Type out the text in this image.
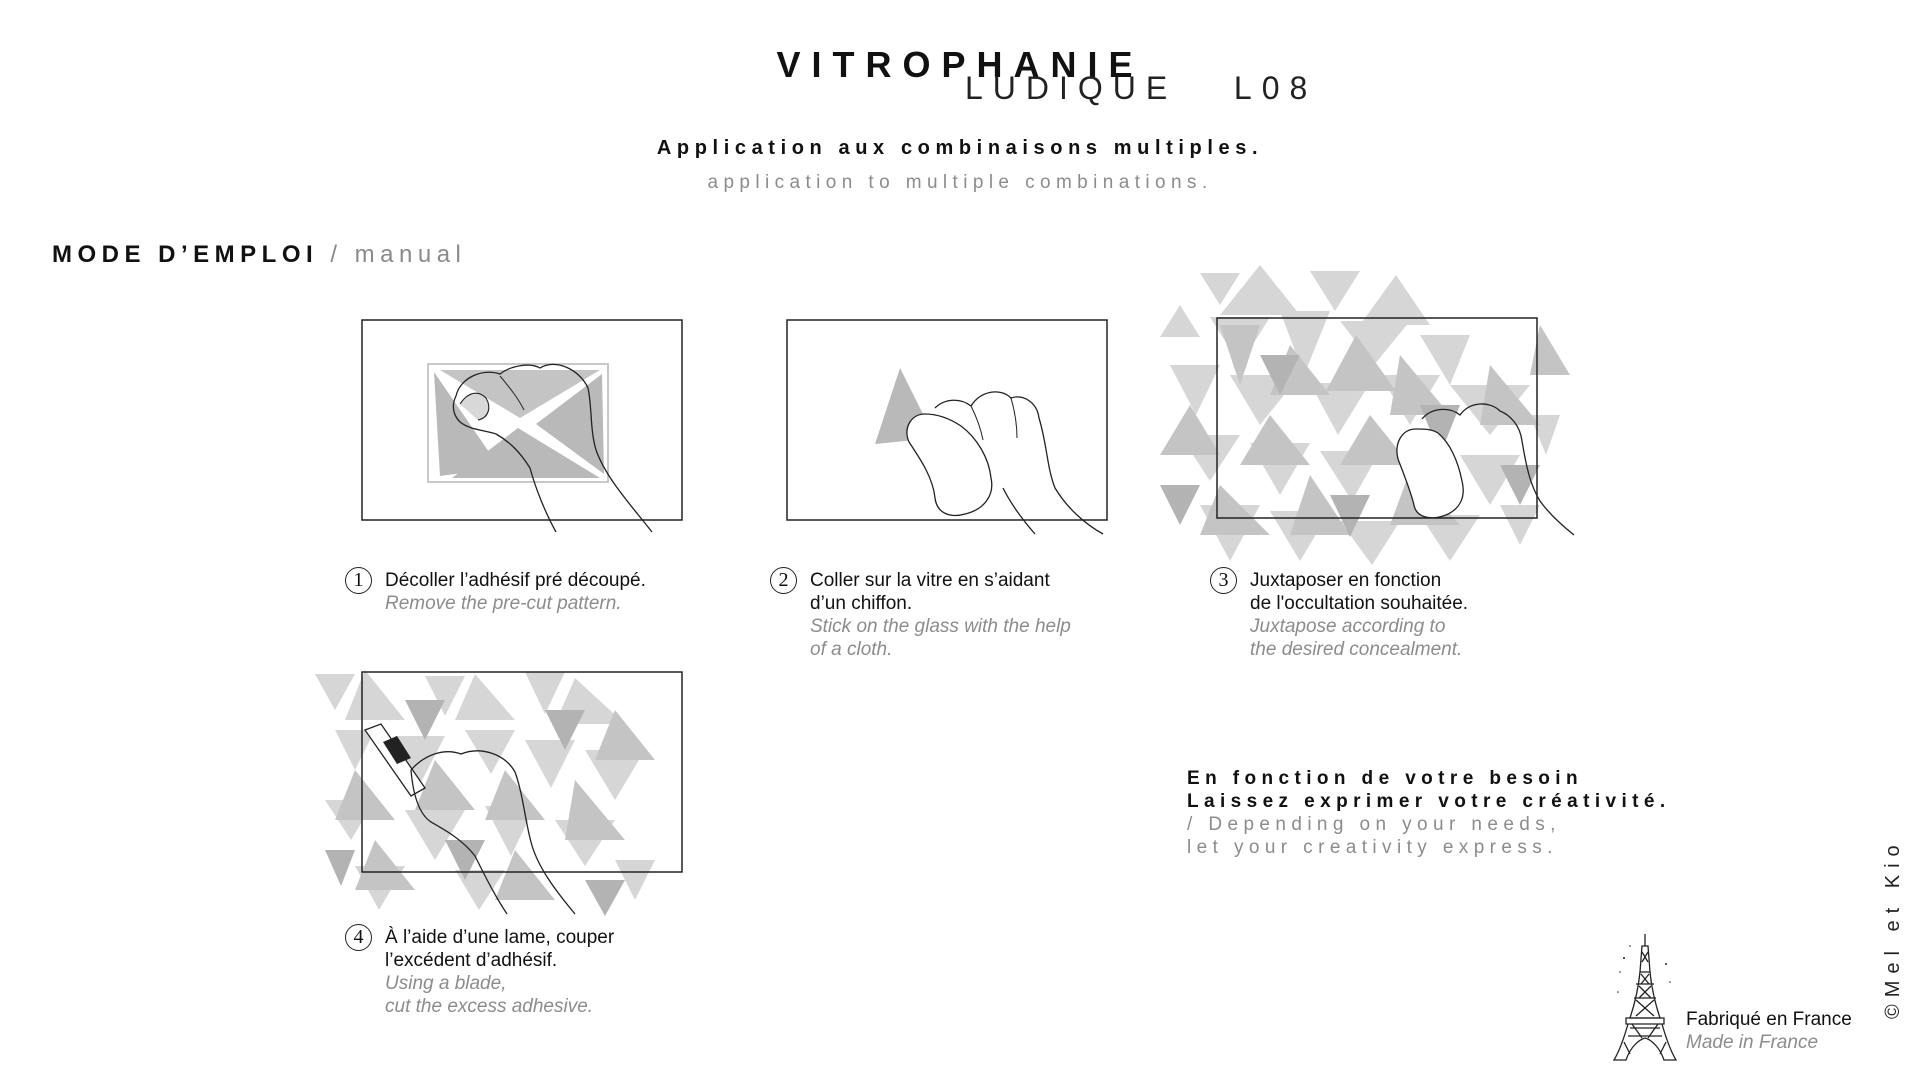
VITROPHANIE
LUDIQUE   L08
Application aux combinaisons multiples.
application to multiple combinations.
MODE D’EMPLOI / manual
1	Décoller l’adhésif pré découpé.
Remove the pre-cut pattern.
2	Coller sur la vitre en s’aidant
d’un chiffon.
Stick on the glass with the help
of a cloth.
3	Juxtaposer en fonction
de l'occultation souhaitée.
Juxtapose according to
the desired concealment.
4	À l’aide d’une lame, couper
l’excédent d’adhésif.
Using a blade,
cut the excess adhesive.
En fonction de votre besoin
Laissez exprimer votre créativité.
/ Depending on your needs,
let your creativity express.
Fabriqué en France
Made in France
©Mel et Kio
